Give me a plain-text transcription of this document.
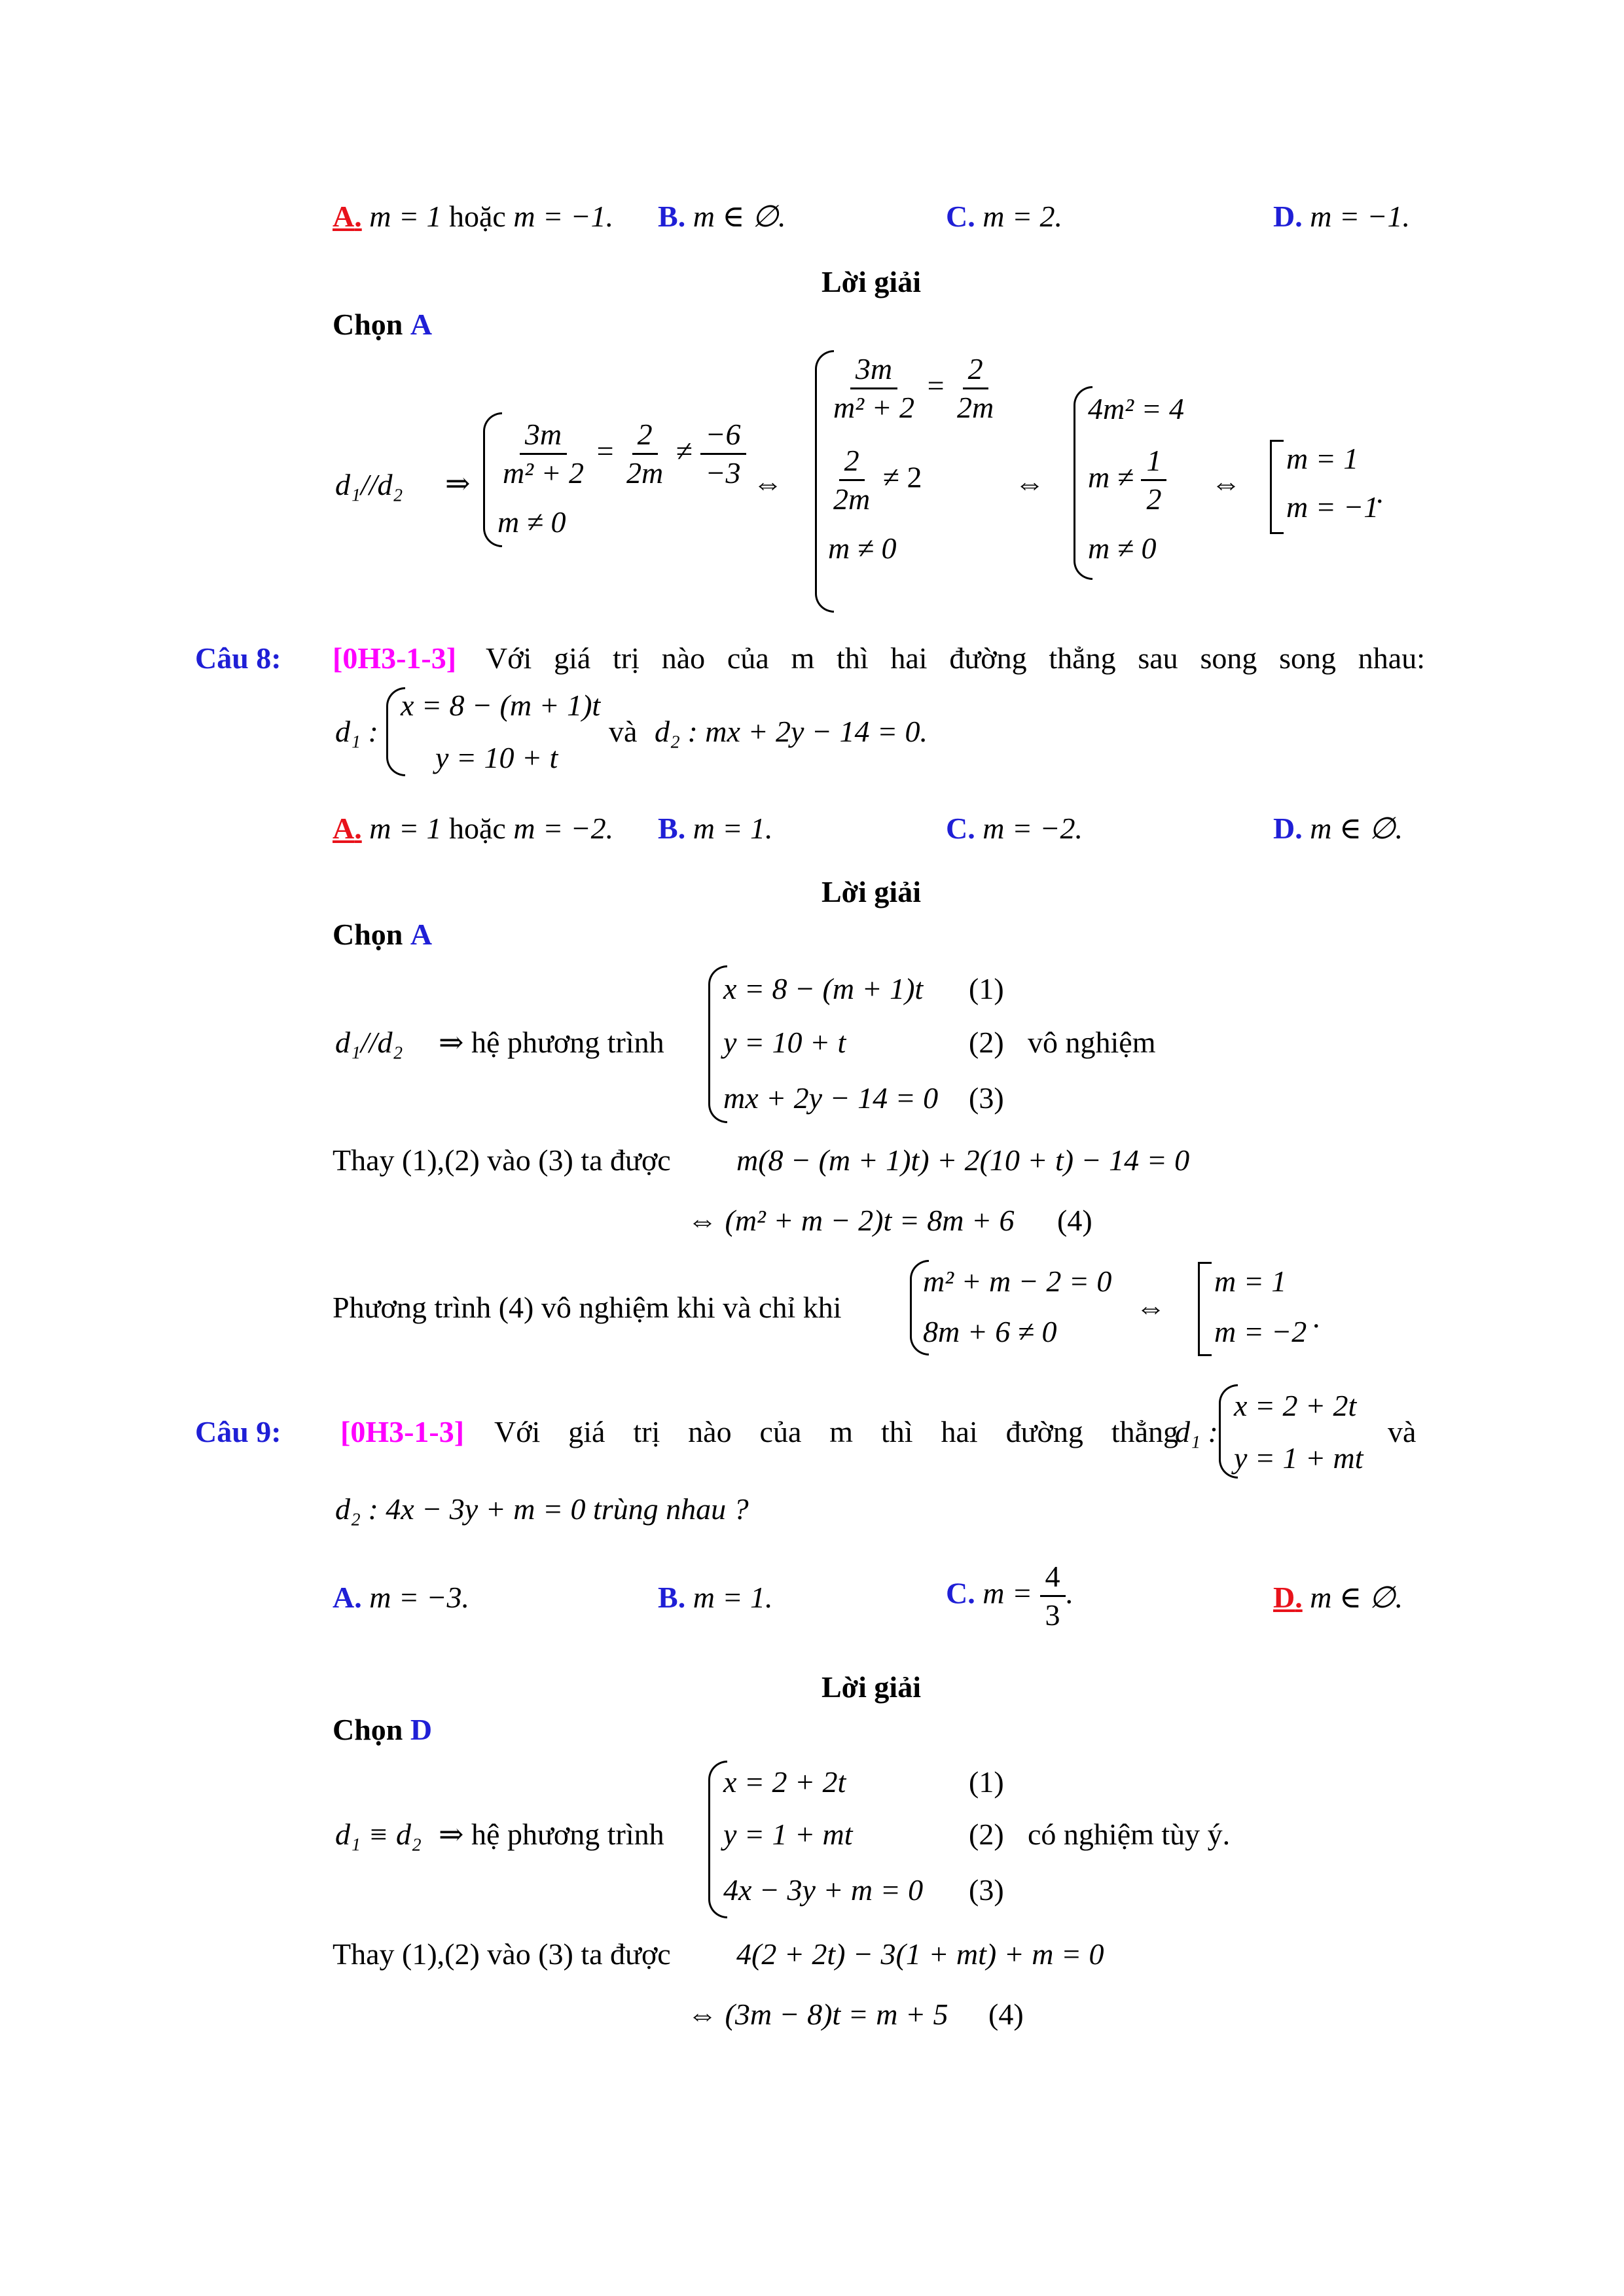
A. m = 1 hoặc m = −1. B. m ∈ ∅.	C. m = 2.	D. m = −1.
Lời giải
Chọn A
d₁//d₂ ⇒ $\frac{3m}{\text{m² + 2}} = \frac{2}{2m} \ne \frac{-6}{-3}$
m ≠ 0
⇔
$\frac{3m}{\text{m² + 2}} = \frac{2}{2m}$
$\frac{2}{2m} \ne 2$
m ≠ 0
⇔
4m² = 4
$m \ne \frac{1}{2}$
m ≠ 0
⇔
m = 1
m = −1
.
Câu 8: [0H3-1-3] Với giá trị nào của m thì hai đường thẳng sau song song nhau:
d₁ :
x = 8 − (m + 1)t
y = 10 + t
và d₂ : mx + 2y − 14 = 0.
A. m = 1 hoặc m = −2. B. m = 1.	C. m = −2.	D. m ∈ ∅.
Lời giải
Chọn A
d₁//d₂ ⇒ hệ phương trình
x = 8 − (m + 1)t
y = 10 + t
mx + 2y − 14 = 0
(1)
(2)
(3)
vô nghiệm
Thay (1),(2) vào (3) ta được m(8 − (m + 1)t) + 2(10 + t) − 14 = 0
⇔ (m² + m − 2)t = 8m + 6 (4)
Phương trình (4) vô nghiệm khi và chỉ khi
m² + m − 2 = 0
8m + 6 ≠ 0
⇔
m = 1
m = −2 .
Câu 9: [0H3-1-3] Với giá trị nào của m thì hai đường thẳng
d₁ :
x = 2 + 2t
y = 1 + mt
và
d₂ : 4x − 3y + m = 0 trùng nhau ?
A. m = −3.	B. m = 1.	C. $m = \frac{4}{3}$ .	D. m ∈ ∅.
Lời giải
Chọn D
d₁ ≡ d₂ ⇒ hệ phương trình
x = 2 + 2t
y = 1 + mt
4x − 3y + m = 0
(1)
(2)
(3)
có nghiệm tùy ý.
Thay (1),(2) vào (3) ta được 4(2 + 2t) − 3(1 + mt) + m = 0
⇔ (3m − 8)t = m + 5 (4)
